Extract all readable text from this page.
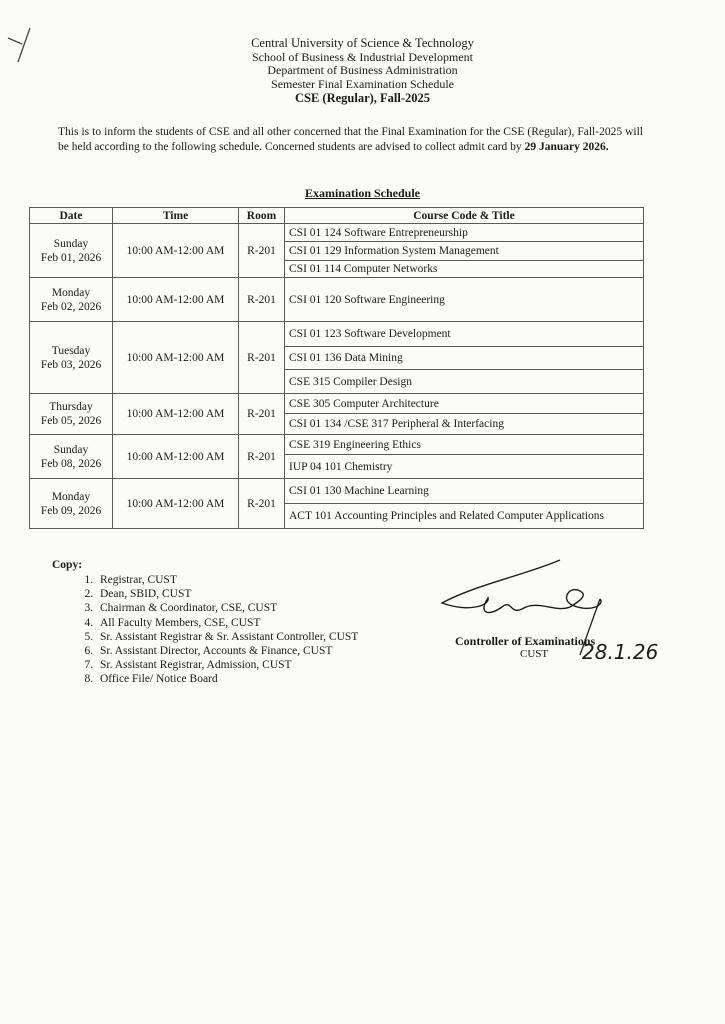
Central University of Science & Technology
School of Business & Industrial Development
Department of Business Administration
Semester Final Examination Schedule
CSE (Regular), Fall-2025

This is to inform the students of CSE and all other concerned that the Final Examination for the CSE (Regular), Fall-2025 will be held according to the following schedule. Concerned students are advised to collect admit card by 29 January 2026.

Examination Schedule
Date	Time	Room	Course Code & Title
Sunday
Feb 01, 2026	10:00 AM-12:00 AM	R-201	CSI 01 124 Software Entrepreneurship
			CSI 01 129 Information System Management
			CSI 01 114 Computer Networks
Monday
Feb 02, 2026	10:00 AM-12:00 AM	R-201	CSI 01 120 Software Engineering
Tuesday
Feb 03, 2026	10:00 AM-12:00 AM	R-201	CSI 01 123 Software Development
			CSI 01 136 Data Mining
			CSE 315 Compiler Design
Thursday
Feb 05, 2026	10:00 AM-12:00 AM	R-201	CSE 305 Computer Architecture
			CSI 01 134 /CSE 317 Peripheral & Interfacing
Sunday
Feb 08, 2026	10:00 AM-12:00 AM	R-201	CSE 319 Engineering Ethics
			IUP 04 101 Chemistry
Monday
Feb 09, 2026	10:00 AM-12:00 AM	R-201	CSI 01 130 Machine Learning
			ACT 101 Accounting Principles and Related Computer Applications
Copy:
1. Registrar, CUST
2. Dean, SBID, CUST
3. Chairman & Coordinator, CSE, CUST
4. All Faculty Members, CSE, CUST
5. Sr. Assistant Registrar & Sr. Assistant Controller, CUST
6. Sr. Assistant Director, Accounts & Finance, CUST
7. Sr. Assistant Registrar, Admission, CUST
8. Office File/ Notice Board
28.1.26
Controller of Examinations
CUST
